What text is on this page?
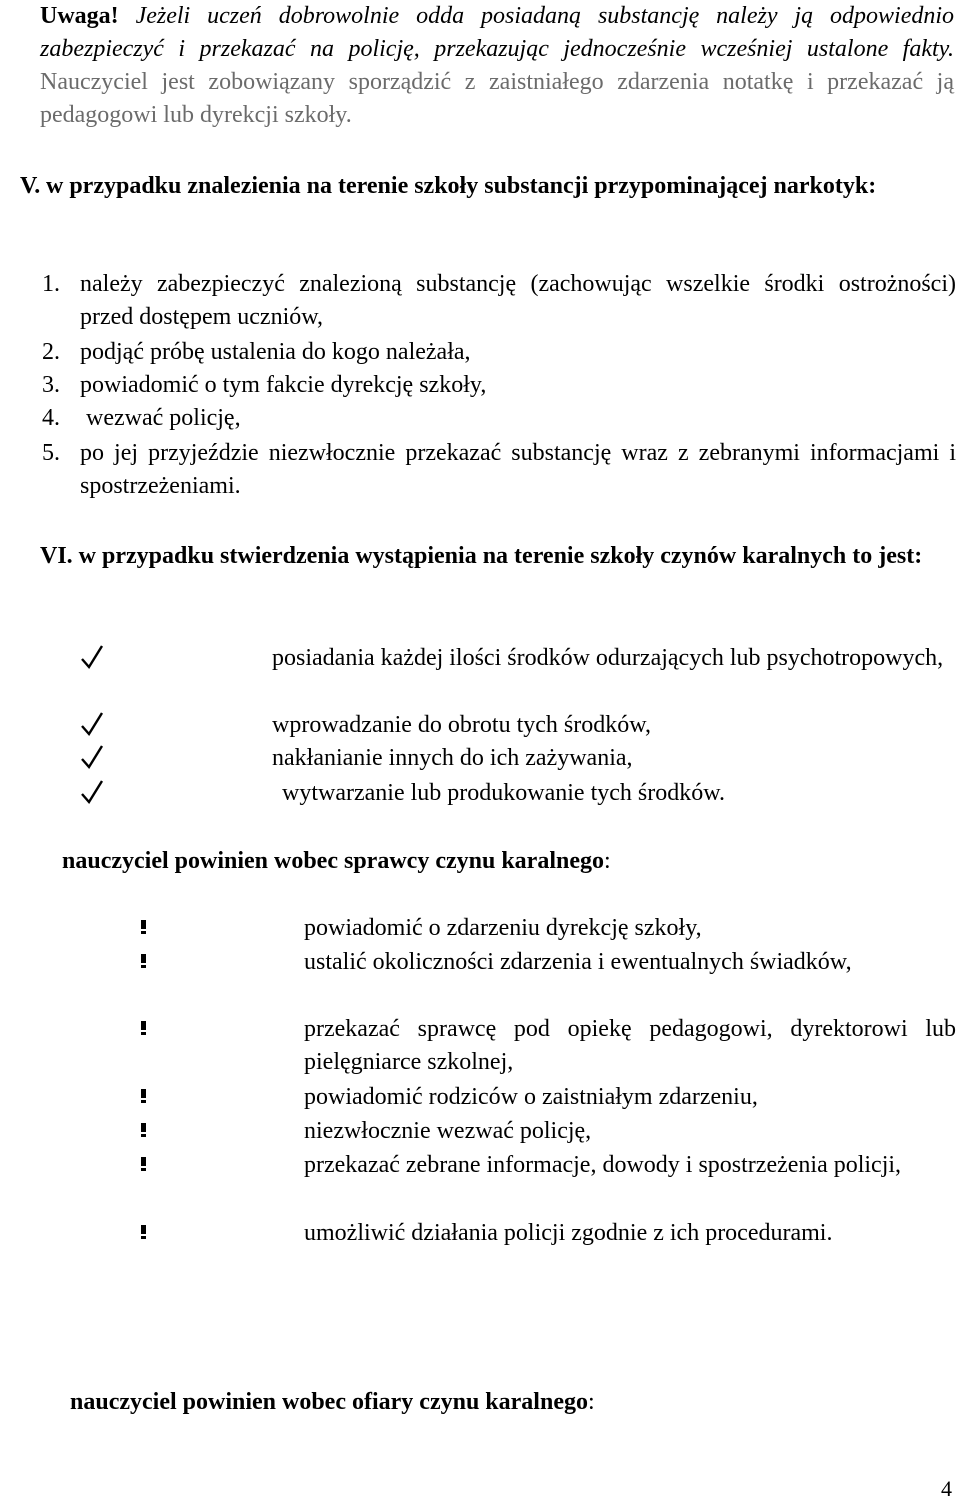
Uwaga! Jeżeli uczeń dobrowolnie odda posiadaną substancję należy ją odpowiednio zabezpieczyć i przekazać na policję, przekazując jednocześnie wcześniej ustalone fakty. Nauczyciel jest zobowiązany sporządzić z zaistniałego zdarzenia notatkę i przekazać ją pedagogowi lub dyrekcji szkoły.
V. w przypadku znalezienia na terenie szkoły substancji przypominającej narkotyk:
1. należy zabezpieczyć znalezioną substancję (zachowując wszelkie środki ostrożności) przed dostępem uczniów,
2. podjąć próbę ustalenia do kogo należała,
3. powiadomić o tym fakcie dyrekcję szkoły,
4. wezwać policję,
5. po jej przyjeździe niezwłocznie przekazać substancję wraz z zebranymi informacjami i spostrzeżeniami.
VI. w przypadku stwierdzenia wystąpienia na terenie szkoły czynów karalnych to jest:
posiadania każdej ilości środków odurzających lub psychotropowych,
wprowadzanie do obrotu tych środków,
nakłanianie innych do ich zażywania,
wytwarzanie lub produkowanie tych środków.
nauczyciel powinien wobec sprawcy czynu karalnego:
powiadomić o zdarzeniu dyrekcję szkoły,
ustalić okoliczności zdarzenia i ewentualnych świadków,
przekazać sprawcę pod opiekę pedagogowi, dyrektorowi lub pielęgniarce szkolnej,
powiadomić rodziców o zaistniałym zdarzeniu,
niezwłocznie wezwać policję,
przekazać zebrane informacje, dowody i spostrzeżenia policji,
umożliwić działania policji zgodnie z ich procedurami.
nauczyciel powinien wobec ofiary czynu karalnego:
4
